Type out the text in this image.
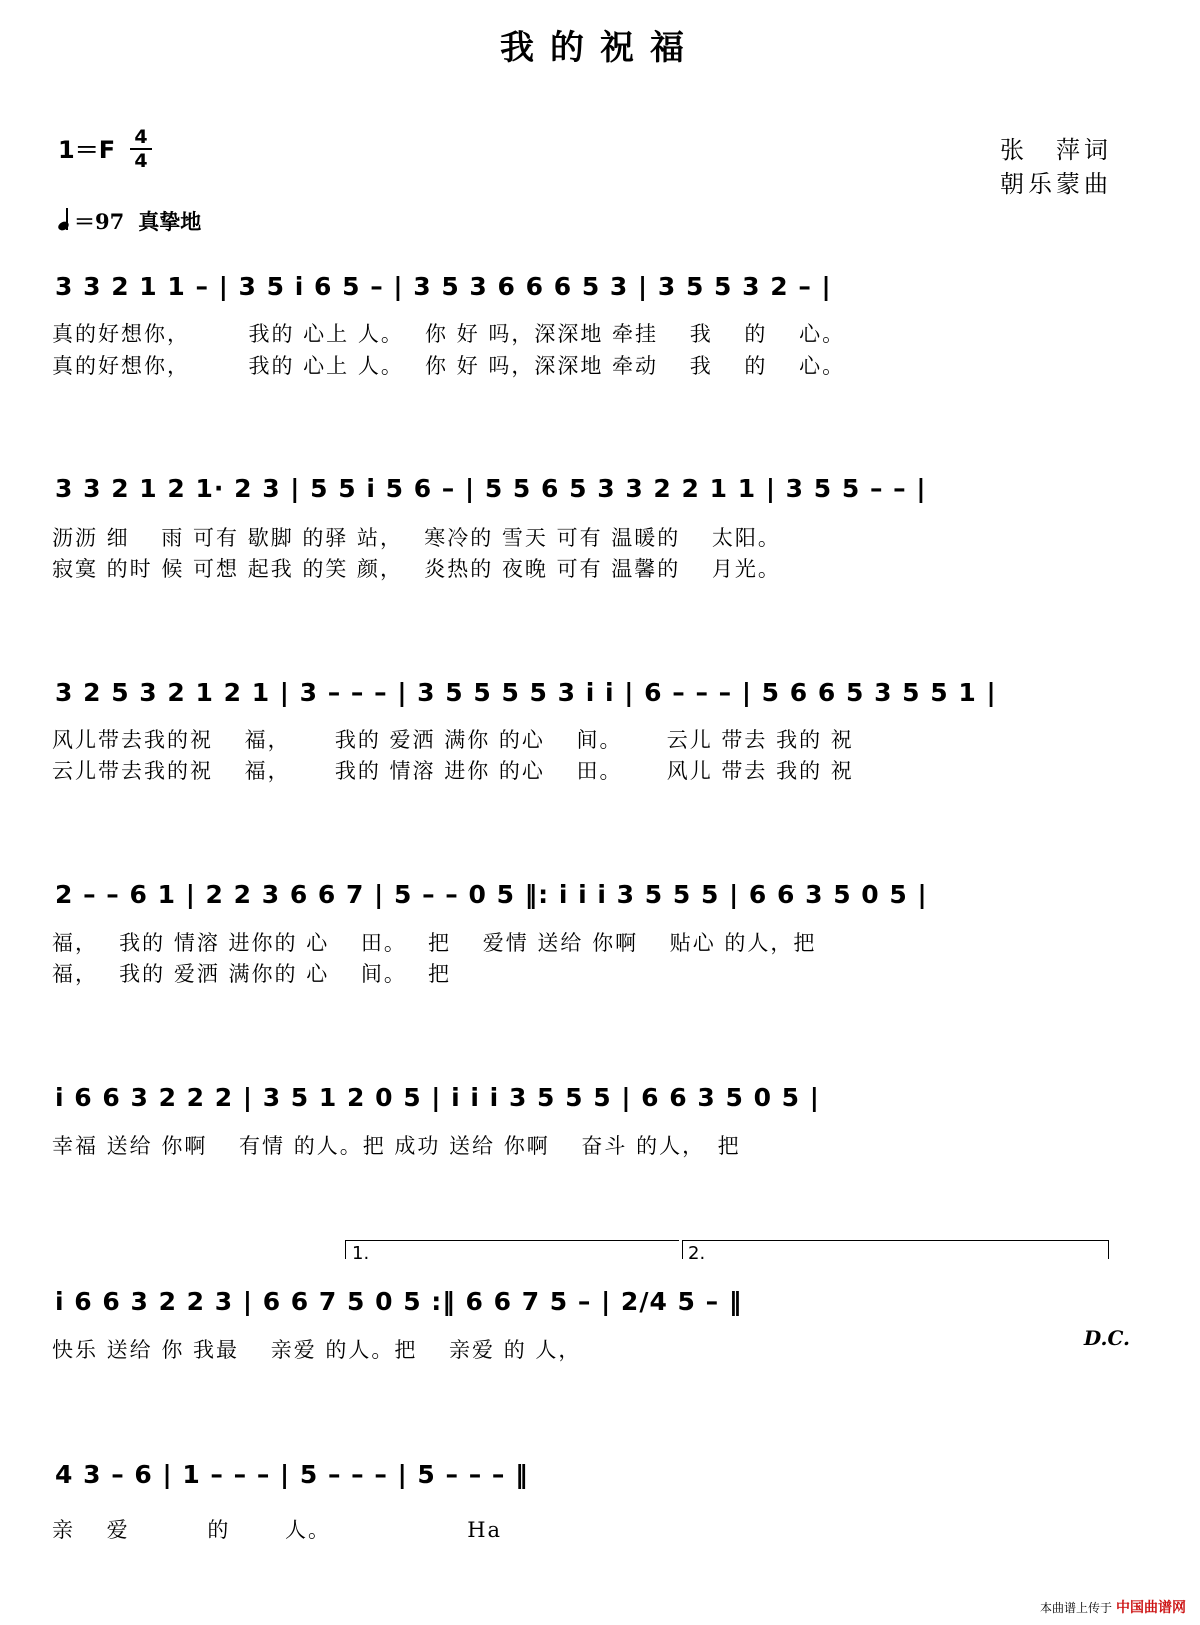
我的祝福
张　萍词
朝乐蒙曲
1＝F 4
4
＝97 真挚地
3 3 2 1 1 – | 3 5 i 6 5 – | 3 5 3 6 6 6 5 3 | 3 5 5 3 2 – |
真的好想你，　　　我的 心上 人。　 你 好 吗，深深地 牵挂　 我　 的　 心。
真的好想你，　　　我的 心上 人。　 你 好 吗，深深地 牵动　 我　 的　 心。
3 3 2 1 2 1· 2 3 | 5 5 i 5 6 – | 5 5 6 5 3 3 2 2 1 1 | 3 5 5 – – |
沥沥 细　 雨 可有 歇脚 的驿 站，　 寒冷的 雪天 可有 温暖的　 太阳。
寂寞 的时 候 可想 起我 的笑 颜，　 炎热的 夜晚 可有 温馨的　 月光。
3 2 5 3 2 1 2 1 | 3 – – – | 3 5 5 5 5 3 i i | 6 – – – | 5 6 6 5 3 5 5 1 |
风儿带去我的祝　 福，　　 我的 爱洒 满你 的心　 间。　　 云儿 带去 我的 祝
云儿带去我的祝　 福，　　 我的 情溶 进你 的心　 田。　　 风儿 带去 我的 祝
2 – – 6 1 | 2 2 3 6 6 7 | 5 – – 0 5 ‖: i i i 3 5 5 5 | 6 6 3 5 0 5 |
福，　 我的 情溶 进你的 心　 田。　 把　 爱情 送给 你啊　 贴心 的人，把
福，　 我的 爱洒 满你的 心　 间。　 把
i 6 6 3 2 2 2 | 3 5 1 2 0 5 | i i i 3 5 5 5 | 6 6 3 5 0 5 |
幸福 送给 你啊　 有情 的人。把 成功 送给 你啊　 奋斗 的人，　把
1.	2.
i 6 6 3 2 2 3 | 6 6 7 5 0 5 :‖ 6 6 7 5 – | 2/4 5 – ‖
快乐 送给 你 我最　 亲爱 的人。把　 亲爱 的 人，	D.C.
4 3 – 6 | 1 – – – | 5 – – – | 5 – – – ‖
亲　 爱　　　 的　　 人。　　　　　　 Ha
本曲谱上传于 中国曲谱网
